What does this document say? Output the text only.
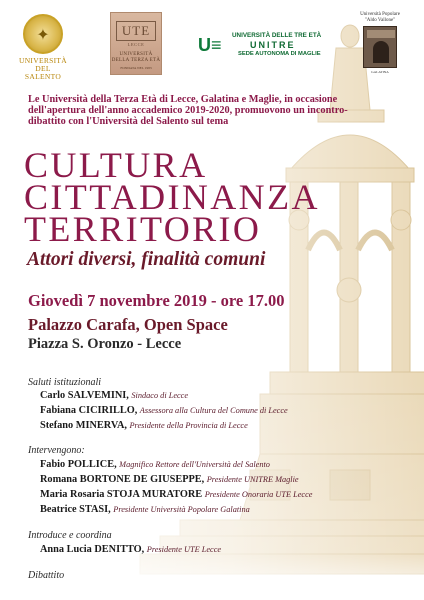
✦
UNIVERSITÀ
DEL SALENTO
UTE
LECCE
UNIVERSITÀ
DELLA TERZA ETÀ
FONDATA NEL 1983
U≡	UNIVERSITÀ DELLE TRE ETÀ
UNITRE
SEDE AUTONOMA DI MAGLIE
Università Popolare
"Aldo Vallone"
GALATINA
Le Università della Terza Età di Lecce, Galatina e Maglie, in occasione dell'apertura dell'anno accademico 2019-2020, promuovono un incontro-dibattito con l'Università del Salento sul tema
CULTURA
CITTADINANZA
TERRITORIO
Attori diversi, finalità comuni
Giovedì 7 novembre 2019 - ore 17.00
Palazzo Carafa, Open Space
Piazza S. Oronzo - Lecce
Saluti istituzionali
Carlo SALVEMINI, Sindaco di Lecce
Fabiana CICIRILLO, Assessora alla Cultura del Comune di Lecce
Stefano MINERVA, Presidente della Provincia di Lecce
Intervengono:
Fabio POLLICE, Magnifico Rettore dell'Università del Salento
Romana BORTONE DE GIUSEPPE, Presidente UNITRE Maglie
Maria Rosaria STOJA MURATORE Presidente Onoraria UTE Lecce
Beatrice STASI, Presidente Università Popolare Galatina
Introduce e coordina
Anna Lucia DENITTO, Presidente UTE Lecce
Dibattito
